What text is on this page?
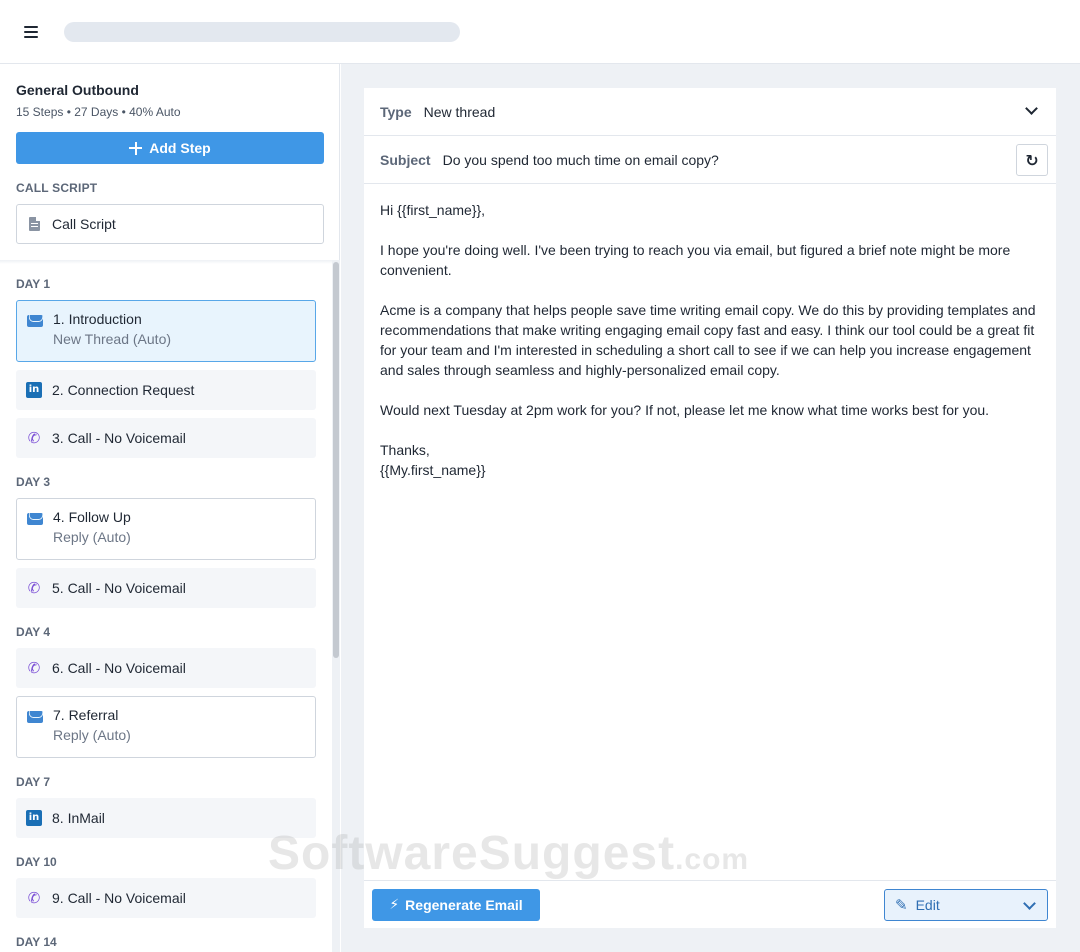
General Outbound
15 Steps • 27 Days • 40% Auto
Add Step
CALL SCRIPT
Call Script
DAY 1
1. Introduction
New Thread (Auto)
in 2. Connection Request
✆ 3. Call - No Voicemail
DAY 3
4. Follow Up
Reply (Auto)
✆ 5. Call - No Voicemail
DAY 4
✆ 6. Call - No Voicemail
7. Referral
Reply (Auto)
DAY 7
in 8. InMail
DAY 10
✆ 9. Call - No Voicemail
DAY 14
Type New thread
Subject Do you spend too much time on email copy?	↻

Hi {{first_name}},

I hope you're doing well. I've been trying to reach you via email, but figured a brief note might be more convenient.

Acme is a company that helps people save time writing email copy. We do this by providing templates and recommendations that make writing engaging email copy fast and easy. I think our tool could be a great fit for your team and I'm interested in scheduling a short call to see if we can help you increase engagement and sales through seamless and highly-personalized email copy.

Would next Tuesday at 2pm work for you? If not, please let me know what time works best for you.

Thanks,
{{My.first_name}}
⚡ Regenerate Email	✎ Edit
SoftwareSuggest.com
